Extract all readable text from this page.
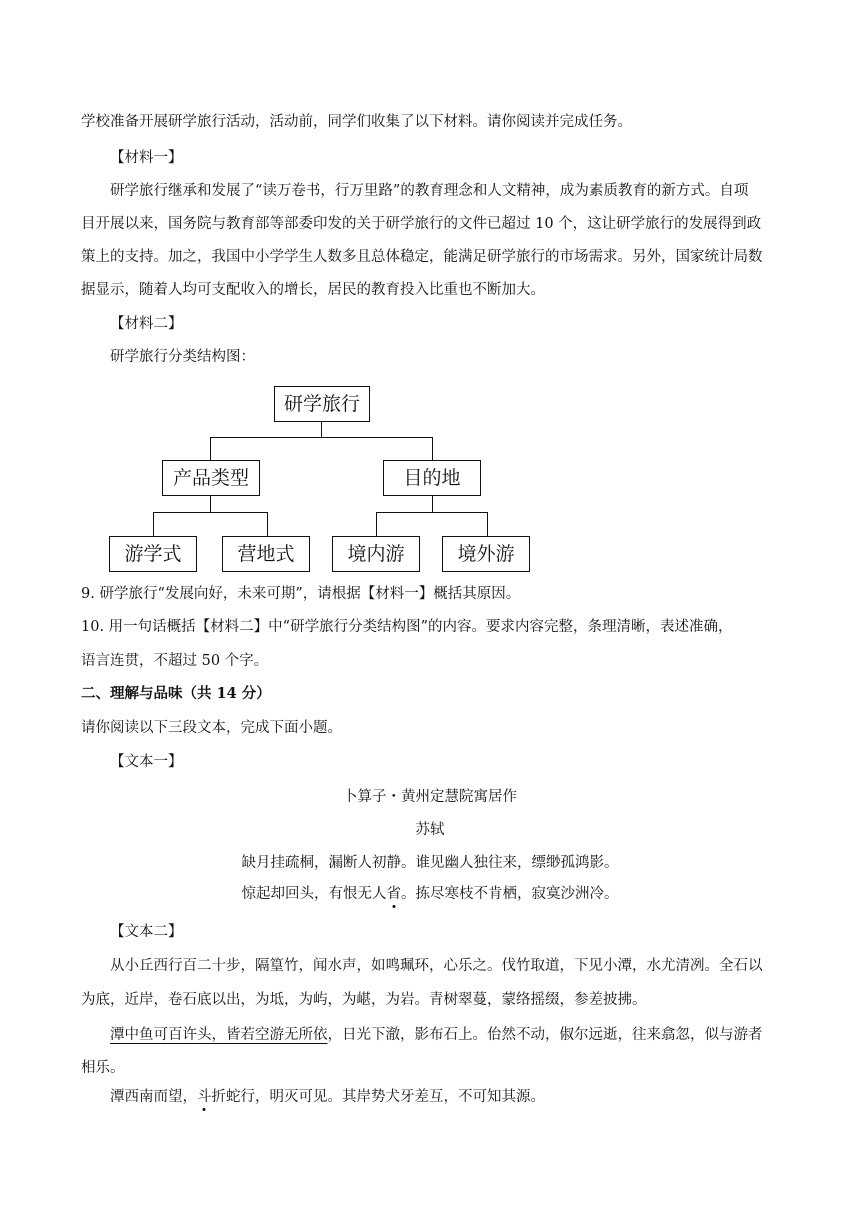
学校准备开展研学旅行活动，活动前，同学们收集了以下材料。请你阅读并完成任务。
【材料一】
研学旅行继承和发展了“读万卷书，行万里路”的教育理念和人文精神，成为素质教育的新方式。自项
目开展以来，国务院与教育部等部委印发的关于研学旅行的文件已超过 10 个，这让研学旅行的发展得到政
策上的支持。加之，我国中小学学生人数多且总体稳定，能满足研学旅行的市场需求。另外，国家统计局数
据显示，随着人均可支配收入的增长，居民的教育投入比重也不断加大。
【材料二】
研学旅行分类结构图：
研学旅行
产品类型	目的地
游学式	营地式	境内游	境外游
9. 研学旅行“发展向好，未来可期”，请根据【材料一】概括其原因。
10. 用一句话概括【材料二】中“研学旅行分类结构图”的内容。要求内容完整，条理清晰，表述准确，
语言连贯，不超过 50 个字。
二、理解与品味（共 14 分）
请你阅读以下三段文本，完成下面小题。
【文本一】
卜算子・黄州定慧院寓居作
苏轼
缺月挂疏桐，漏断人初静。谁见幽人独往来，缥缈孤鸿影。
惊起却回头，有恨无人省
。拣尽寒枝不肯栖，寂寞沙洲冷。
【文本二】
从小丘西行百二十步，隔篁竹，闻水声，如鸣珮环，心乐之。伐竹取道，下见小潭，水尤清冽。全石以
为底，近岸，卷石底以出，为坻，为屿，为嵁，为岩。青树翠蔓，蒙络摇缀，参差披拂。
潭中鱼可百许头，皆若空游无所依，日光下澈，影布石上。佁然不动，俶尔远逝，往来翕忽，似与游者
相乐。
潭西南而望，斗
折蛇行，明灭可见。其岸势犬牙差互，不可知其源。
